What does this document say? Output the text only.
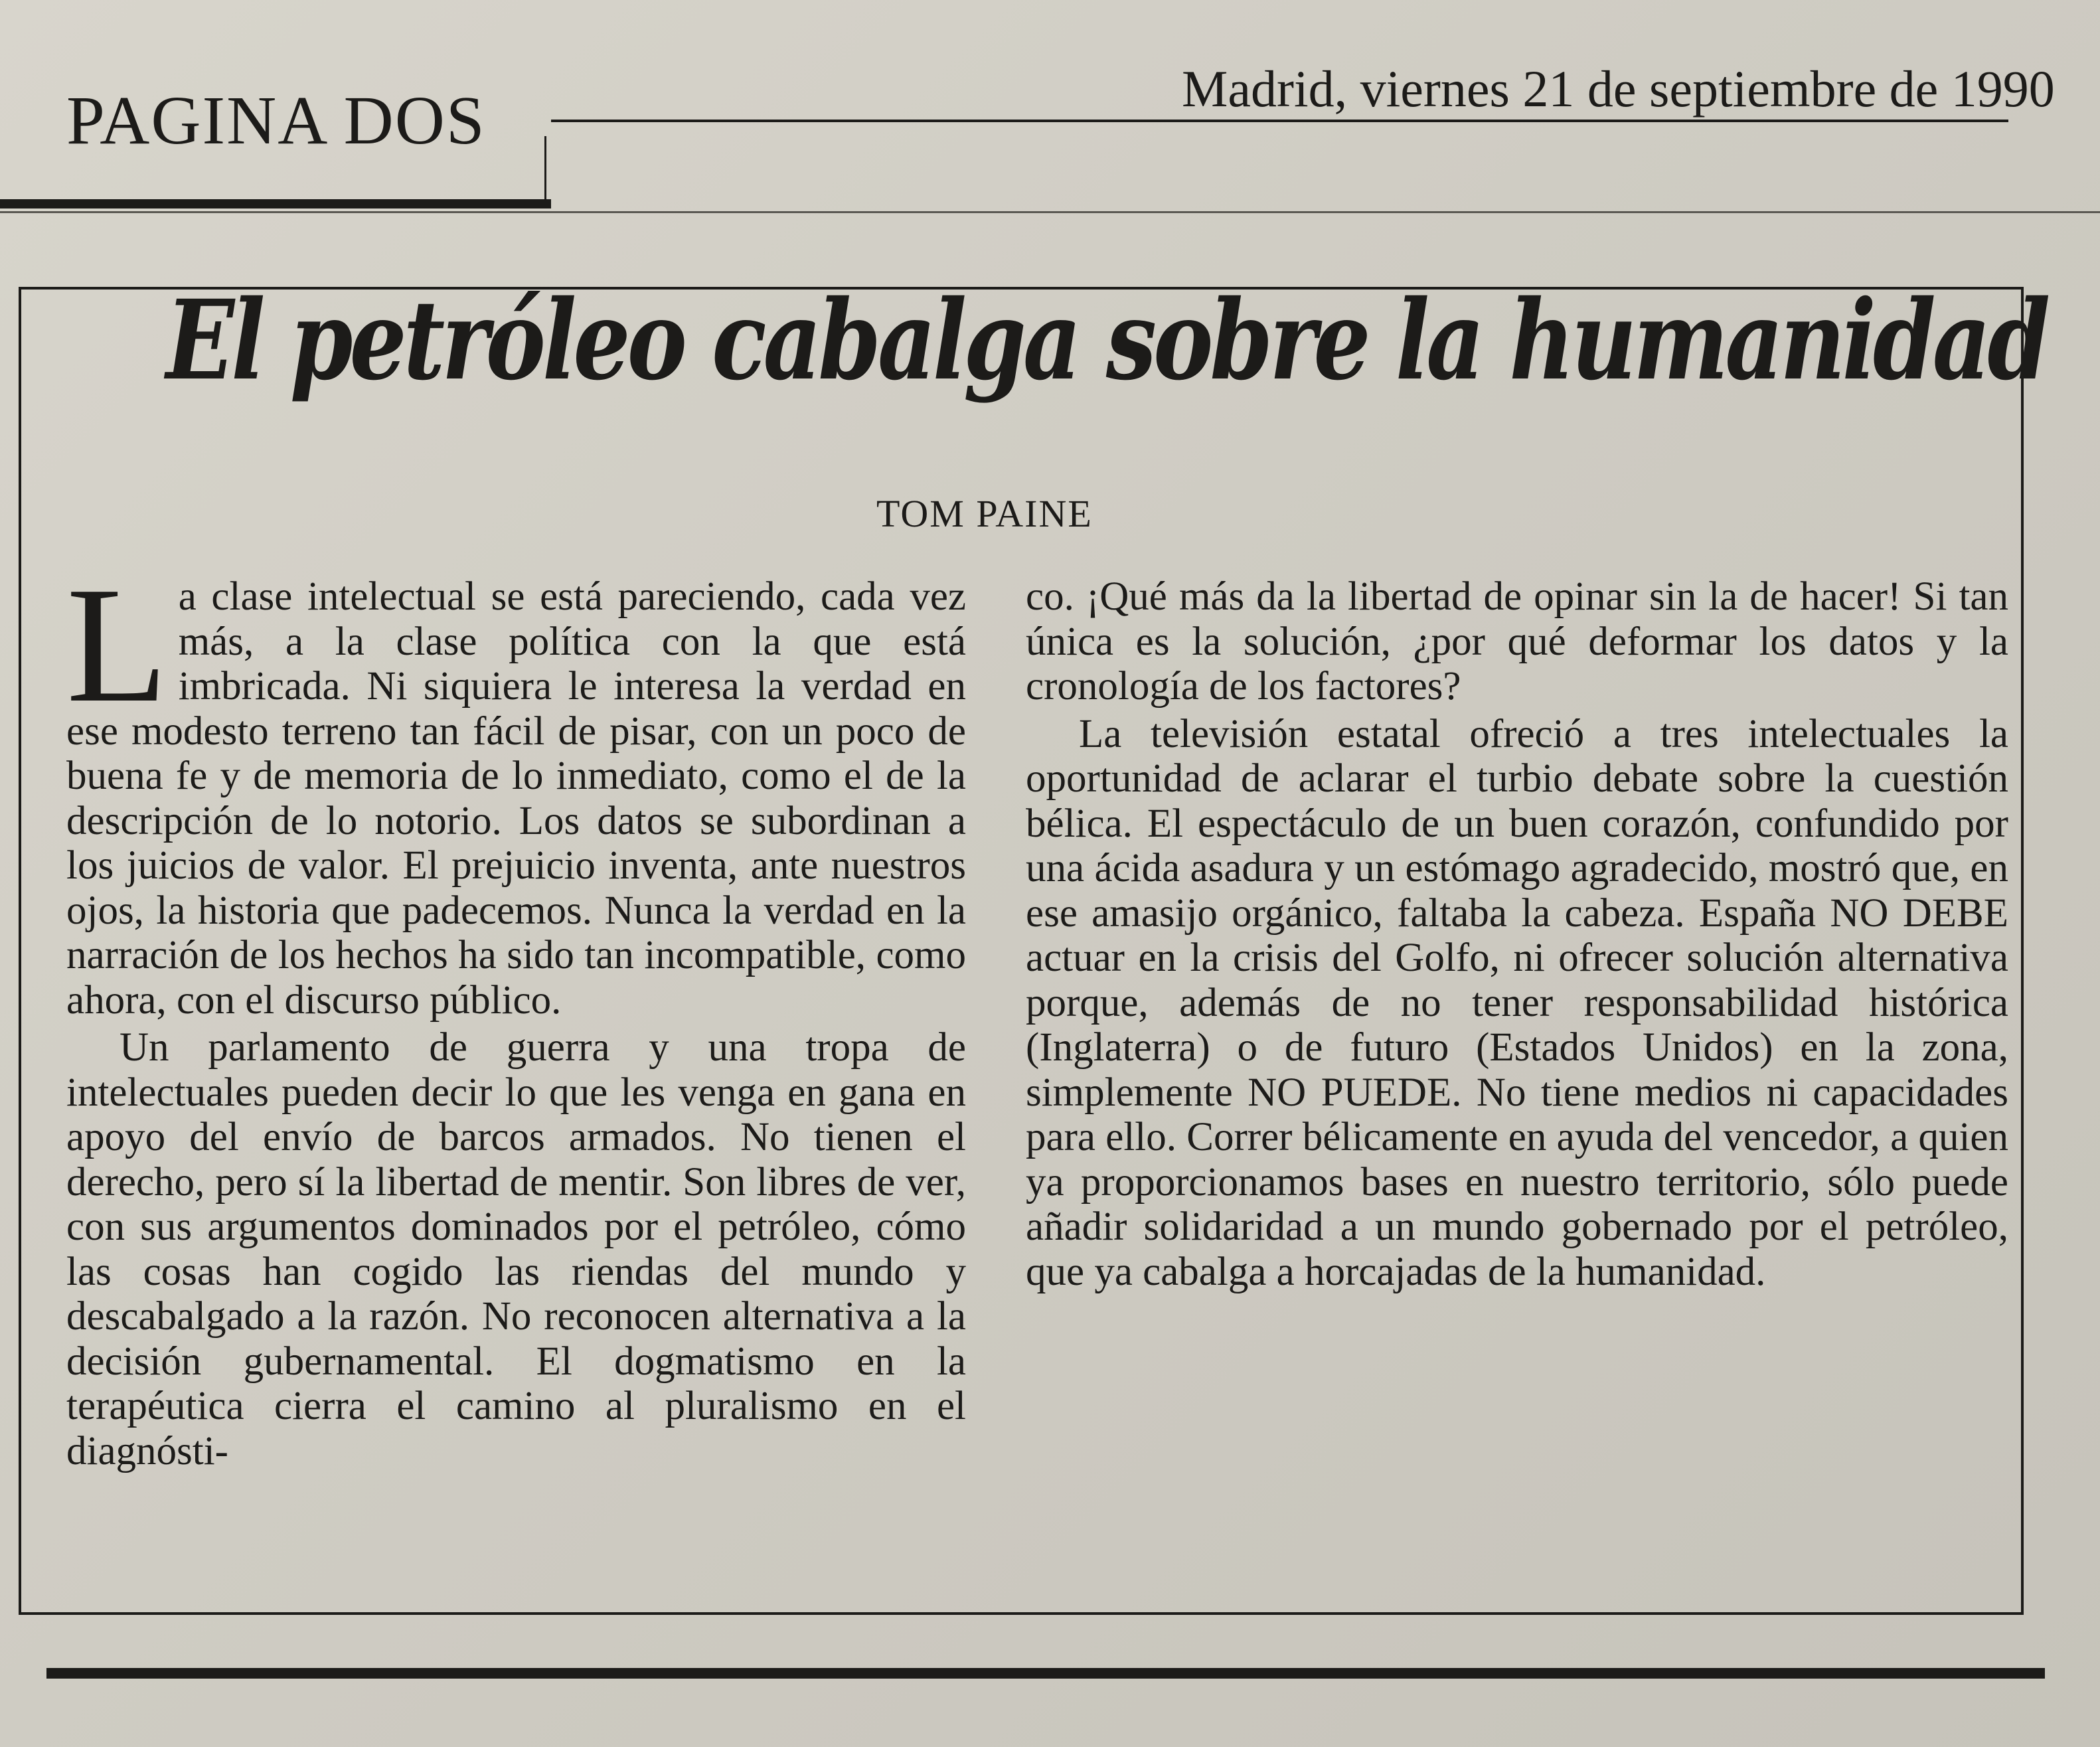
PAGINA DOS	Madrid, viernes 21 de septiembre de 1990
El petróleo cabalga sobre la humanidad
TOM PAINE

La clase intelectual se está pareciendo, cada vez más, a la clase política con la que está imbricada. Ni siquiera le interesa la verdad en ese modesto terreno tan fácil de pisar, con un poco de buena fe y de memoria de lo inmediato, como el de la descripción de lo notorio. Los datos se subordinan a los juicios de valor. El prejuicio inventa, ante nuestros ojos, la historia que padecemos. Nunca la verdad en la narración de los hechos ha sido tan incompatible, como ahora, con el discurso público.

Un parlamento de guerra y una tropa de intelectuales pueden decir lo que les venga en gana en apoyo del envío de barcos armados. No tienen el derecho, pero sí la libertad de mentir. Son libres de ver, con sus argumentos dominados por el petróleo, cómo las cosas han cogido las riendas del mundo y descabalgado a la razón. No reconocen alternativa a la decisión gubernamental. El dogmatismo en la terapéutica cierra el camino al pluralismo en el diagnósti-

co. ¡Qué más da la libertad de opinar sin la de hacer! Si tan única es la solución, ¿por qué deformar los datos y la cronología de los factores?

La televisión estatal ofreció a tres intelectuales la oportunidad de aclarar el turbio debate sobre la cuestión bélica. El espectáculo de un buen corazón, confundido por una ácida asadura y un estómago agradecido, mostró que, en ese amasijo orgánico, faltaba la cabeza. España NO DEBE actuar en la crisis del Golfo, ni ofrecer solución alternativa porque, además de no tener responsabilidad histórica (Inglaterra) o de futuro (Estados Unidos) en la zona, simplemente NO PUEDE. No tiene medios ni capacidades para ello. Correr bélicamente en ayuda del vencedor, a quien ya proporcionamos bases en nuestro territorio, sólo puede añadir solidaridad a un mundo gobernado por el petróleo, que ya cabalga a horcajadas de la humanidad.
